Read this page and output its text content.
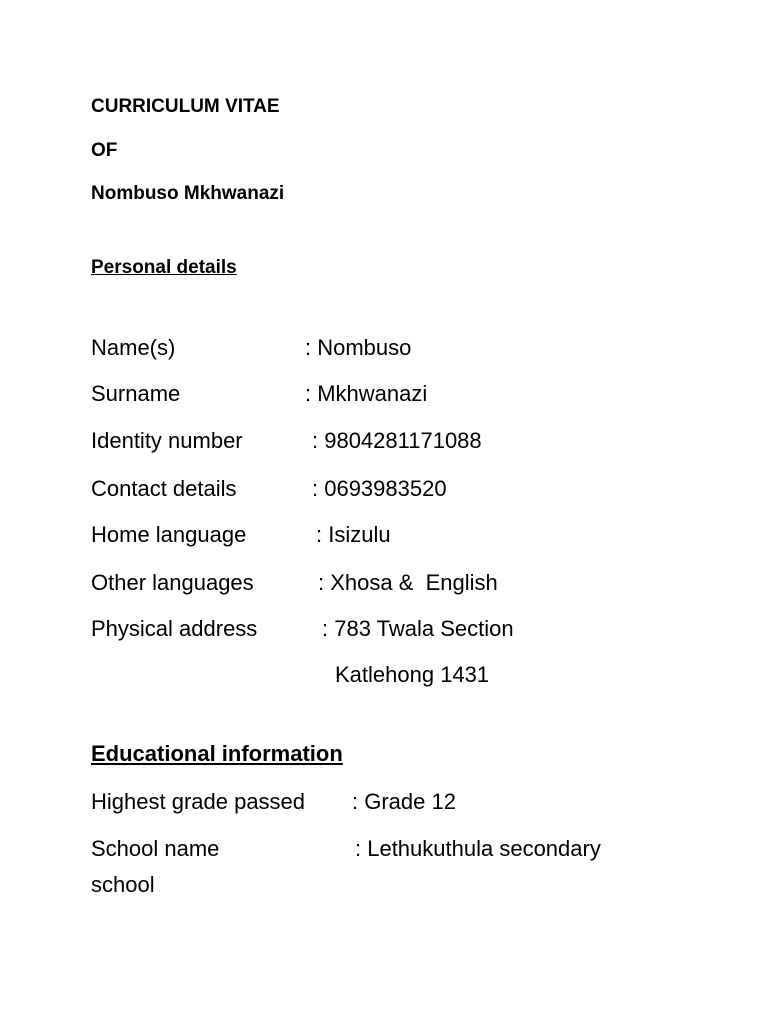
CURRICULUM VITAE

OF

Nombuso Mkhwanazi

Personal details

Name(s)	: Nombuso

Surname	: Mkhwanazi

Identity number	: 9804281171088

Contact details	: 0693983520

Home language	: Isizulu

Other languages	: Xhosa &  English

Physical address	: 783 Twala Section

Katlehong 1431

Educational information

Highest grade passed : Grade 12

School name	: Lethukuthula secondary

school
